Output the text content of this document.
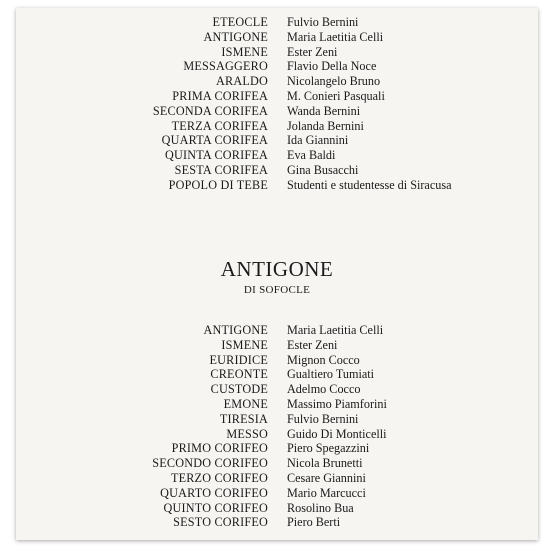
ETEOCLE Fulvio Bernini
ANTIGONE Maria Laetitia Celli
ISMENE Ester Zeni
MESSAGGERO Flavio Della Noce
ARALDO Nicolangelo Bruno
PRIMA CORIFEA M. Conieri Pasquali
SECONDA CORIFEA Wanda Bernini
TERZA CORIFEA Jolanda Bernini
QUARTA CORIFEA Ida Giannini
QUINTA CORIFEA Eva Baldi
SESTA CORIFEA Gina Busacchi
POPOLO DI TEBE Studenti e studentesse di Siracusa
ANTIGONE
DI SOFOCLE
ANTIGONE Maria Laetitia Celli
ISMENE Ester Zeni
EURIDICE Mignon Cocco
CREONTE Gualtiero Tumiati
CUSTODE Adelmo Cocco
EMONE Massimo Piamforini
TIRESIA Fulvio Bernini
MESSO Guido Di Monticelli
PRIMO CORIFEO Piero Spegazzini
SECONDO CORIFEO Nicola Brunetti
TERZO CORIFEO Cesare Giannini
QUARTO CORIFEO Mario Marcucci
QUINTO CORIFEO Rosolino Bua
SESTO CORIFEO Piero Berti
